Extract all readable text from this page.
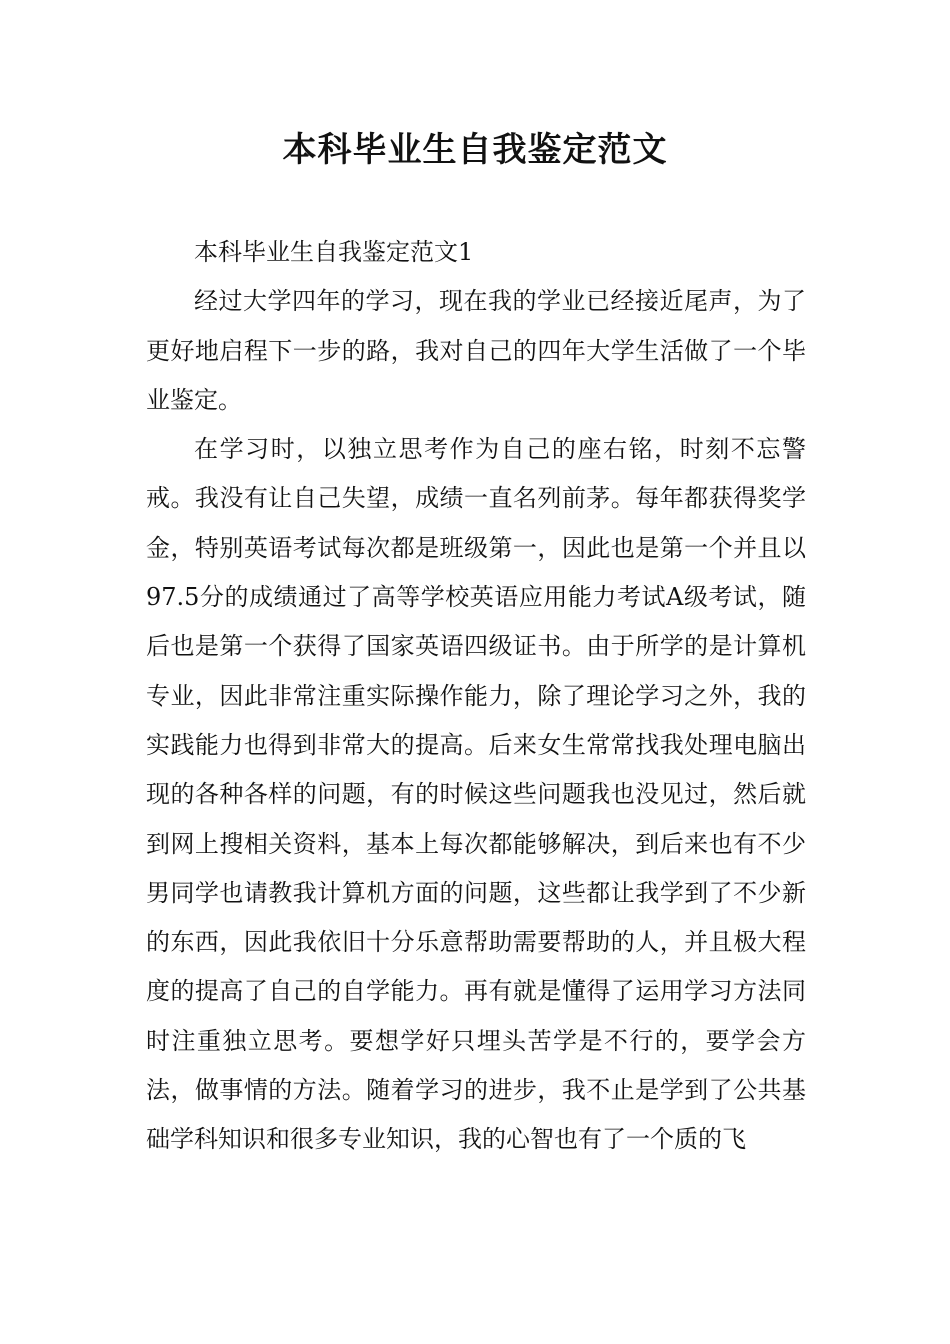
本科毕业生自我鉴定范文

本科毕业生自我鉴定范文1

经过大学四年的学习，现在我的学业已经接近尾声，为了更好地启程下一步的路，我对自己的四年大学生活做了一个毕业鉴定。

在学习时，以独立思考作为自己的座右铭，时刻不忘警戒。我没有让自己失望，成绩一直名列前茅。每年都获得奖学金，特别英语考试每次都是班级第一，因此也是第一个并且以97.5分的成绩通过了高等学校英语应用能力考试A级考试，随后也是第一个获得了国家英语四级证书。由于所学的是计算机专业，因此非常注重实际操作能力，除了理论学习之外，我的实践能力也得到非常大的提高。后来女生常常找我处理电脑出现的各种各样的问题，有的时候这些问题我也没见过，然后就到网上搜相关资料，基本上每次都能够解决，到后来也有不少男同学也请教我计算机方面的问题，这些都让我学到了不少新的东西，因此我依旧十分乐意帮助需要帮助的人，并且极大程度的提高了自己的自学能力。再有就是懂得了运用学习方法同时注重独立思考。要想学好只埋头苦学是不行的，要学会方法，做事情的方法。随着学习的进步，我不止是学到了公共基础学科知识和很多专业知识，我的心智也有了一个质的飞
